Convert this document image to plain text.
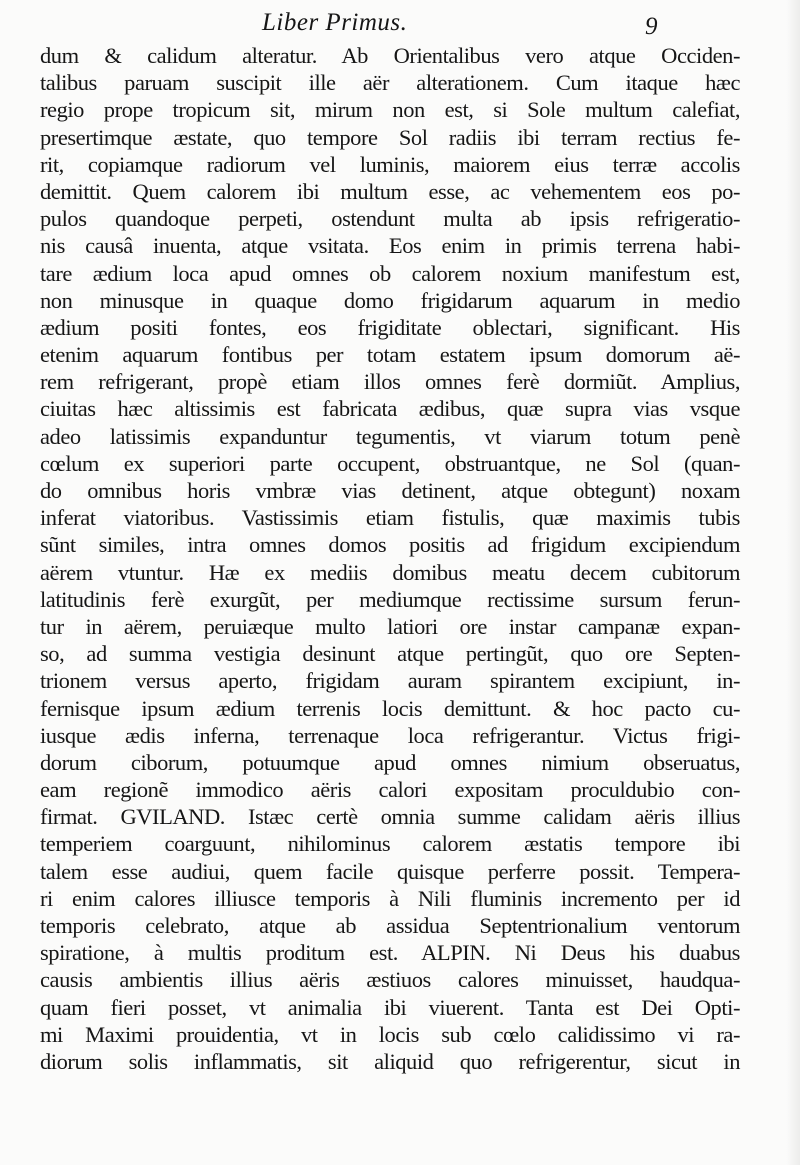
Liber Primus.	9
dum & calidum alteratur. Ab Orientalibus vero atque Occiden-
talibus paruam suscipit ille aër alterationem. Cum itaque hæc
regio prope tropicum sit, mirum non est, si Sole multum calefiat,
presertimque æstate, quo tempore Sol radiis ibi terram rectius fe-
rit, copiamque radiorum vel luminis, maiorem eius terræ accolis
demittit. Quem calorem ibi multum esse, ac vehementem eos po-
pulos quandoque perpeti, ostendunt multa ab ipsis refrigeratio-
nis causâ inuenta, atque vsitata. Eos enim in primis terrena habi-
tare ædium loca apud omnes ob calorem noxium manifestum est,
non minusque in quaque domo frigidarum aquarum in medio
ædium positi fontes, eos frigiditate oblectari, significant. His
etenim aquarum fontibus per totam estatem ipsum domorum aë-
rem refrigerant, propè etiam illos omnes ferè dormiũt. Amplius,
ciuitas hæc altissimis est fabricata ædibus, quæ supra vias vsque
adeo latissimis expanduntur tegumentis, vt viarum totum penè
cœlum ex superiori parte occupent, obstruantque, ne Sol (quan-
do omnibus horis vmbræ vias detinent, atque obtegunt) noxam
inferat viatoribus. Vastissimis etiam fistulis, quæ maximis tubis
sũnt similes, intra omnes domos positis ad frigidum excipiendum
aërem vtuntur. Hæ ex mediis domibus meatu decem cubitorum
latitudinis ferè exurgũt, per mediumque rectissime sursum ferun-
tur in aërem, peruiæque multo latiori ore instar campanæ expan-
so, ad summa vestigia desinunt atque pertingũt, quo ore Septen-
trionem versus aperto, frigidam auram spirantem excipiunt, in-
fernisque ipsum ædium terrenis locis demittunt. & hoc pacto cu-
iusque ædis inferna, terrenaque loca refrigerantur. Victus frigi-
dorum ciborum, potuumque apud omnes nimium obseruatus,
eam regionẽ immodico aëris calori expositam proculdubio con-
firmat. GVILAND. Istæc certè omnia summe calidam aëris illius
temperiem coarguunt, nihilominus calorem æstatis tempore ibi
talem esse audiui, quem facile quisque perferre possit. Tempera-
ri enim calores illiusce temporis à Nili fluminis incremento per id
temporis celebrato, atque ab assidua Septentrionalium ventorum
spiratione, à multis proditum est. ALPIN. Ni Deus his duabus
causis ambientis illius aëris æstiuos calores minuisset, haudqua-
quam fieri posset, vt animalia ibi viuerent. Tanta est Dei Opti-
mi Maximi prouidentia, vt in locis sub cœlo calidissimo vi ra-
diorum solis inflammatis, sit aliquid quo refrigerentur, sicut in
